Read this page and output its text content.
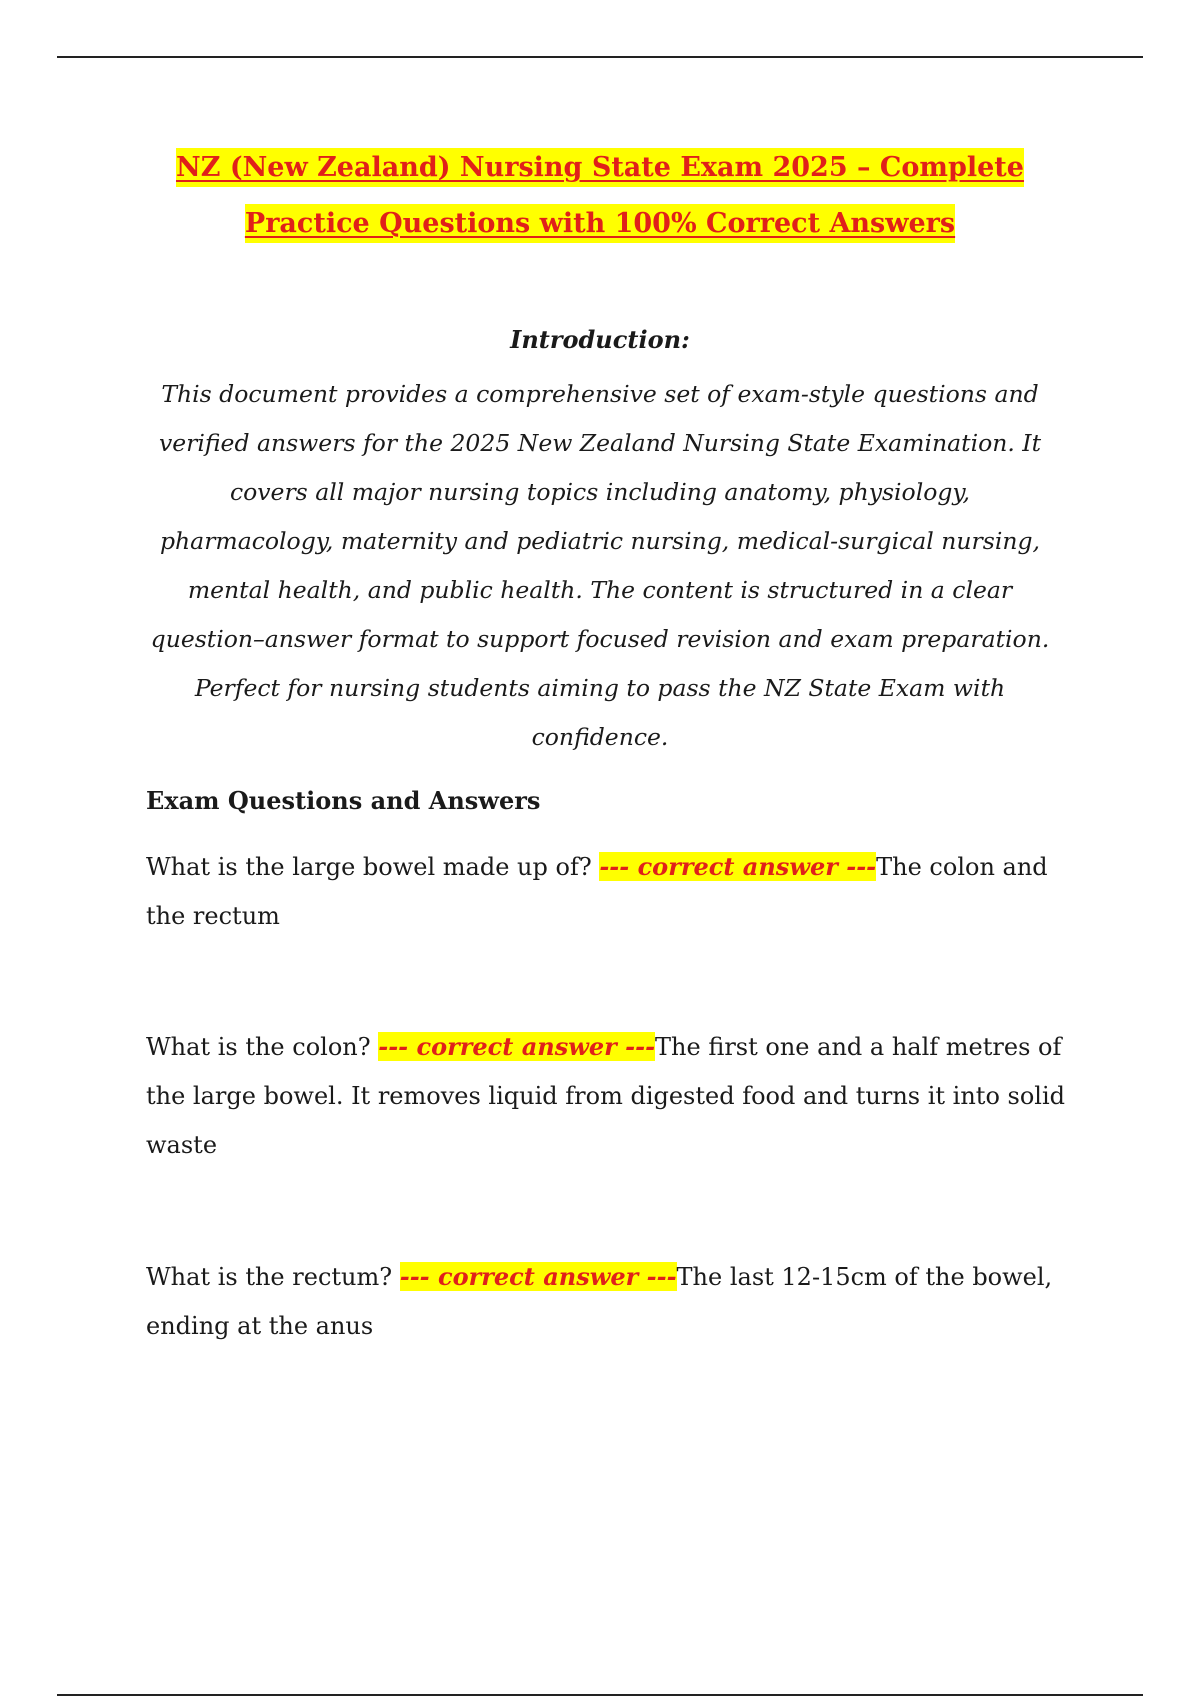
NZ (New Zealand) Nursing State Exam 2025 – Complete
Practice Questions with 100% Correct Answers
Introduction:
This document provides a comprehensive set of exam-style questions and verified answers for the 2025 New Zealand Nursing State Examination. It covers all major nursing topics including anatomy, physiology, pharmacology, maternity and pediatric nursing, medical-surgical nursing, mental health, and public health. The content is structured in a clear question–answer format to support focused revision and exam preparation. Perfect for nursing students aiming to pass the NZ State Exam with confidence.
Exam Questions and Answers
What is the large bowel made up of? --- correct answer ---The colon and the rectum
What is the colon? --- correct answer ---The first one and a half metres of the large bowel. It removes liquid from digested food and turns it into solid waste
What is the rectum? --- correct answer ---The last 12-15cm of the bowel, ending at the anus
